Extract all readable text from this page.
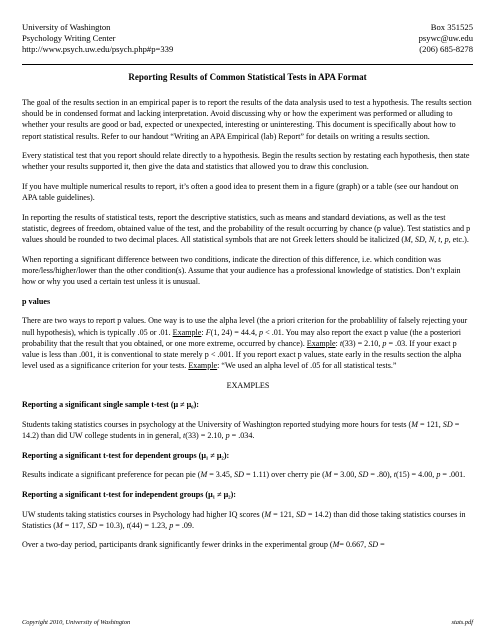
University of Washington
Psychology Writing Center
http://www.psych.uw.edu/psych.php#p=339
Box 351525
psywc@uw.edu
(206) 685-8278
Reporting Results of Common Statistical Tests in APA Format

The goal of the results section in an empirical paper is to report the results of the data analysis used to test a hypothesis. The results section should be in condensed format and lacking interpretation. Avoid discussing why or how the experiment was performed or alluding to whether your results are good or bad, expected or unexpected, interesting or uninteresting. This document is specifically about how to report statistical results. Refer to our handout “Writing an APA Empirical (lab) Report” for details on writing a results section.

Every statistical test that you report should relate directly to a hypothesis. Begin the results section by restating each hypothesis, then state whether your results supported it, then give the data and statistics that allowed you to draw this conclusion.

If you have multiple numerical results to report, it’s often a good idea to present them in a figure (graph) or a table (see our handout on APA table guidelines).

In reporting the results of statistical tests, report the descriptive statistics, such as means and standard deviations, as well as the test statistic, degrees of freedom, obtained value of the test, and the probability of the result occurring by chance (p value). Test statistics and p values should be rounded to two decimal places. All statistical symbols that are not Greek letters should be italicized (M, SD, N, t, p, etc.).

When reporting a significant difference between two conditions, indicate the direction of this difference, i.e. which condition was more/less/higher/lower than the other condition(s). Assume that your audience has a professional knowledge of statistics. Don’t explain how or why you used a certain test unless it is unusual.

p values

There are two ways to report p values. One way is to use the alpha level (the a priori criterion for the probablility of falsely rejecting your null hypothesis), which is typically .05 or .01. Example: F(1, 24) = 44.4, p < .01. You may also report the exact p value (the a posteriori probability that the result that you obtained, or one more extreme, occurred by chance). Example: t(33) = 2.10, p = .03. If your exact p value is less than .001, it is conventional to state merely p < .001. If you report exact p values, state early in the results section the alpha level used as a significance criterion for your tests. Example: “We used an alpha level of .05 for all statistical tests.”

EXAMPLES
Reporting a significant single sample t-test (μ ≠ μ₀):

Students taking statistics courses in psychology at the University of Washington reported studying more hours for tests (M = 121, SD = 14.2) than did UW college students in in general, t(33) = 2.10, p = .034.

Reporting a significant t-test for dependent groups (μ₁ ≠ μ₂):

Results indicate a significant preference for pecan pie (M = 3.45, SD = 1.11) over cherry pie (M = 3.00, SD = .80), t(15) = 4.00, p = .001.

Reporting a significant t-test for independent groups (μ₁ ≠ μ₂):

UW students taking statistics courses in Psychology had higher IQ scores (M = 121, SD = 14.2) than did those taking statistics courses in Statistics (M = 117, SD = 10.3), t(44) = 1.23, p = .09.

Over a two-day period, participants drank significantly fewer drinks in the experimental group (M= 0.667, SD =

Copyright 2010, University of Washington	stats.pdf
